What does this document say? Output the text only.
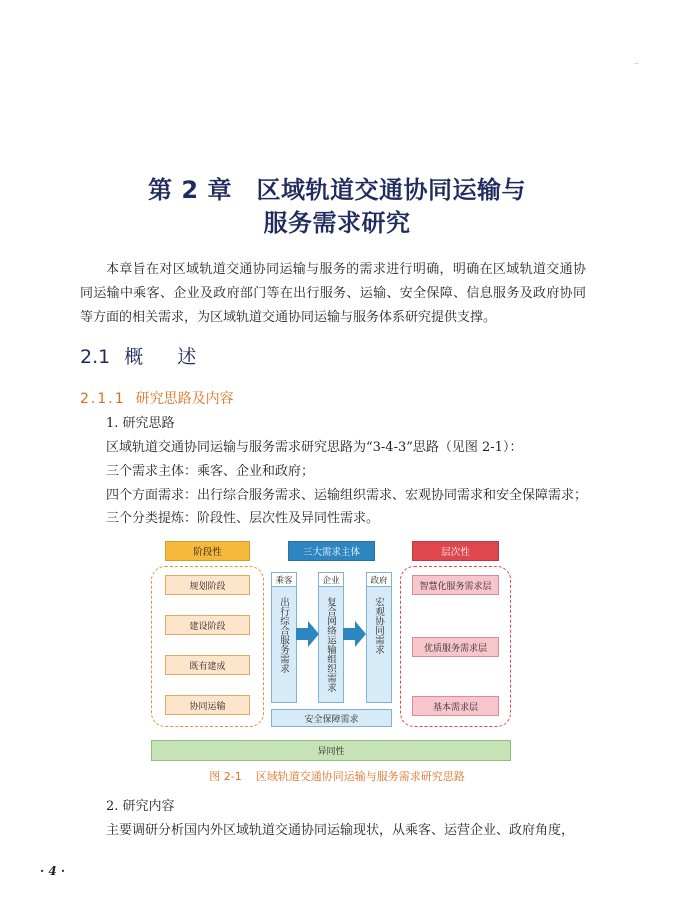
··
第 2 章　区域轨道交通协同运输与
服务需求研究
本章旨在对区域轨道交通协同运输与服务的需求进行明确，明确在区域轨道交通协同运输中乘客、企业及政府部门等在出行服务、运输、安全保障、信息服务及政府协同等方面的相关需求，为区域轨道交通协同运输与服务体系研究提供支撑。
2.1 概 述
2.1.1 研究思路及内容
1. 研究思路
区域轨道交通协同运输与服务需求研究思路为“3-4-3”思路（见图 2-1）：
三个需求主体：乘客、企业和政府；
四个方面需求：出行综合服务需求、运输组织需求、宏观协同需求和安全保障需求；
三个分类提炼：阶段性、层次性及异同性需求。
阶段性	三大需求主体	层次性
规划阶段
建设阶段
既有建成
协同运输
乘客
出行综合服务需求
企业
复合网络运输组织需求
政府
宏观协同需求
安全保障需求
智慧化服务需求层
优质服务需求层
基本需求层
异同性
图 2-1 区域轨道交通协同运输与服务需求研究思路
2. 研究内容
主要调研分析国内外区域轨道交通协同运输现状，从乘客、运营企业、政府角度，
· 4 ·
